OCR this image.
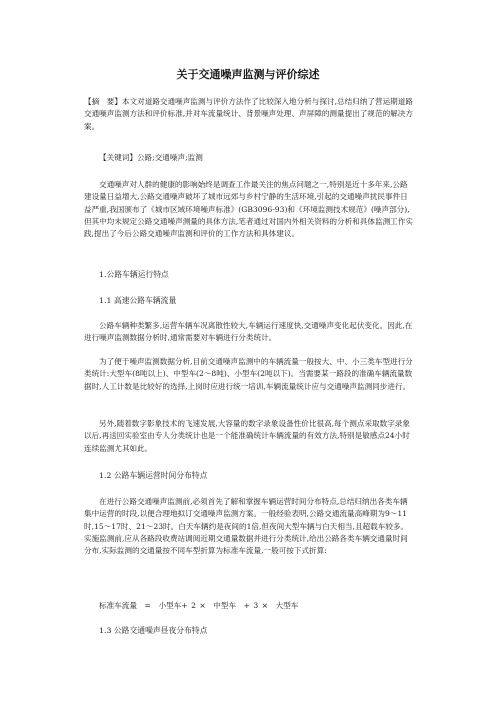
关于交通噪声监测与评价综述

【摘　要】本文对道路交通噪声监测与评价方法作了比较深入地分析与探讨,总结归纳了营运期道路交通噪声监测方法和评价标准,并对车流量统计、背景噪声处理、声屏障的测量提出了规范的解决方案。

【关键词】公路;交通噪声;监测

交通噪声对人群的健康的影响始终是调查工作最关注的焦点问题之一,特别是近十多年来,公路建设量日益增大,公路交通噪声破坏了城市远郊与乡村宁静的生活环境,引起的交通噪声扰民事件日益严重,我国颁布了《城市区域环境噪声标准》(GB3096-93)和《环境监测技术规范》(噪声部分),但其中均未规定公路交通噪声测量的具体方法,笔者通过对国内外相关资料的分析和具体监测工作实践,提出了今后公路交通噪声监测和评价的工作方法和具体建议。

1.公路车辆运行特点

1.1 高速公路车辆流量

公路车辆种类繁多,运营车辆车况离散性较大,车辆运行速度快,交通噪声变化起伏变化。因此,在进行噪声监测数据分析时,通常需要对车辆进行分类统计。

为了便于噪声监测数据分析,目前交通噪声监测中的车辆流量一般按大、中、小三类车型进行分类统计:大型车(8吨以上)、中型车(2～8吨)、小型车(2吨以下)。当需要某一路段的准确车辆流量数据时,人工计数是比较好的选择,上岗时应进行统一培训,车辆流量统计应与交通噪声监测同步进行。

另外,随着数字影象技术的飞速发展,大容量的数字录象设备性价比很高,每个测点采取数字录象以后,再送回实验室由专人分类统计也是一个能准确统计车辆流量的有效方法,特别是敏感点24小时连续监测尤其如此。

1.2 公路车辆运营时间分布特点

在进行公路交通噪声监测前,必须首先了解和掌握车辆运营时间分布特点,总结归纳出各类车辆集中运营的时段,以便合理地拟订交通噪声监测方案。一般经验表明,公路交通流量高峰期为9～11时,15～17时、21～23时。白天车辆约是夜间的1倍,但夜间大型车辆与白天相当,且超载车较多。实施监测前,应从各路段收费站调阅近期交通量数据并进行分类统计,给出公路各类车辆交通量时间分布,实际监测的交通量按不同车型折算为标准车流量,一般可按下式折算:

标准车流量　=　小型车+ 2 ×　中型车　+ 3 ×　大型车

1.3 公路交通噪声昼夜分布特点
